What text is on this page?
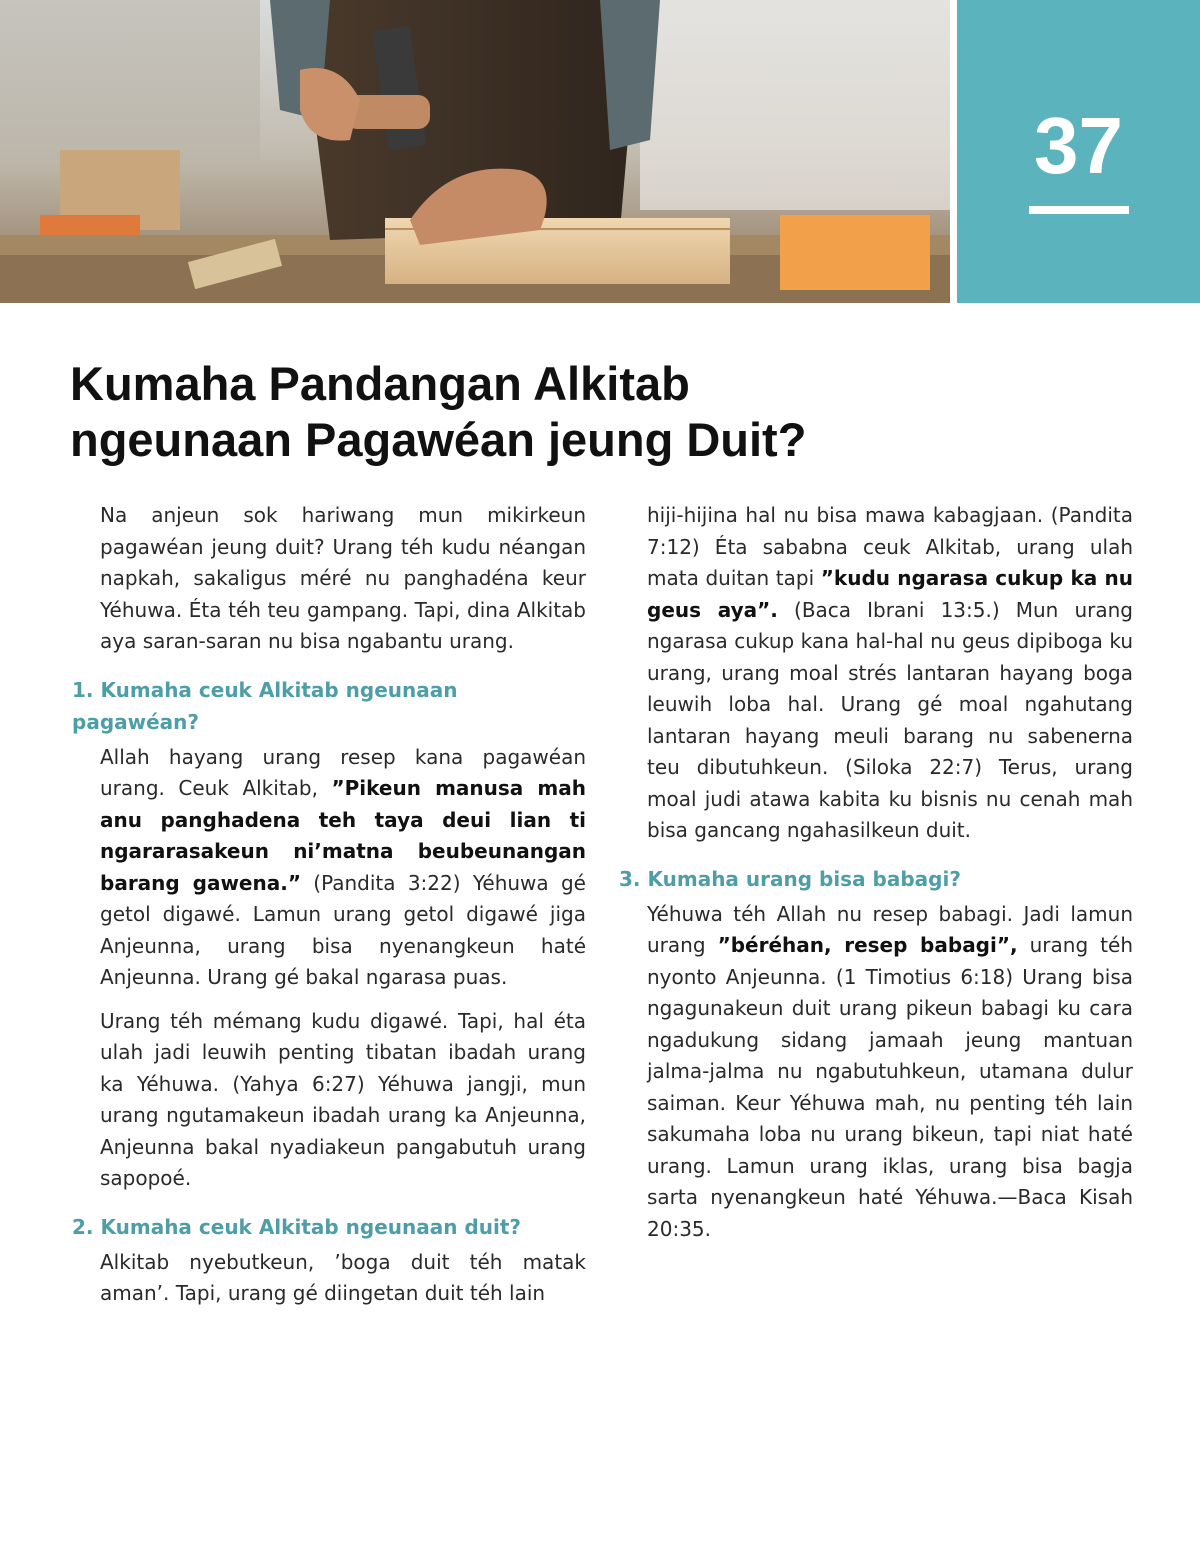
37
Kumaha Pandangan Alkitab
ngeunaan Pagawéan jeung Duit?

Na anjeun sok hariwang mun mikirkeun pagawéan jeung duit? Urang téh kudu néangan napkah, sakaligus méré nu panghadéna keur Yéhuwa. Éta téh teu gampang. Tapi, dina Alkitab aya saran-saran nu bisa ngabantu urang.

1. Kumaha ceuk Alkitab ngeunaan pagawéan?

Allah hayang urang resep kana pagawéan urang. Ceuk Alkitab, ”Pikeun manusa mah anu panghadena teh taya deui lian ti ngararasakeun ni’matna beubeunangan barang gawena.” (Pandita 3:22) Yéhuwa gé getol digawé. Lamun urang getol digawé jiga Anjeunna, urang bisa nyenangkeun haté Anjeunna. Urang gé bakal ngarasa puas.

Urang téh mémang kudu digawé. Tapi, hal éta ulah jadi leuwih penting tibatan ibadah urang ka Yéhuwa. (Yahya 6:27) Yéhuwa jangji, mun urang ngutamakeun ibadah urang ka Anjeunna, Anjeunna bakal nyadiakeun pangabutuh urang sapopoé.

2. Kumaha ceuk Alkitab ngeunaan duit?

Alkitab nyebutkeun, ’boga duit téh matak aman’. Tapi, urang gé diingetan duit téh lain

hiji-hijina hal nu bisa mawa kabagjaan. (Pandita 7:12) Éta sababna ceuk Alkitab, urang ulah mata duitan tapi ”kudu ngarasa cukup ka nu geus aya”. (Baca Ibrani 13:5.) Mun urang ngarasa cukup kana hal-hal nu geus dipiboga ku urang, urang moal strés lantaran hayang boga leuwih loba hal. Urang gé moal ngahutang lantaran hayang meuli barang nu sabenerna teu dibutuhkeun. (Siloka 22:7) Terus, urang moal judi atawa kabita ku bisnis nu cenah mah bisa gancang ngahasilkeun duit.

3. Kumaha urang bisa babagi?

Yéhuwa téh Allah nu resep babagi. Jadi lamun urang ”béréhan, resep babagi”, urang téh nyonto Anjeunna. (1 Timotius 6:18) Urang bisa ngagunakeun duit urang pikeun babagi ku cara ngadukung sidang jamaah jeung mantuan jalma-jalma nu ngabutuhkeun, utamana dulur saiman. Keur Yéhuwa mah, nu penting téh lain sakumaha loba nu urang bikeun, tapi niat haté urang. Lamun urang iklas, urang bisa bagja sarta nyenangkeun haté Yéhuwa.—Baca Kisah 20:35.
